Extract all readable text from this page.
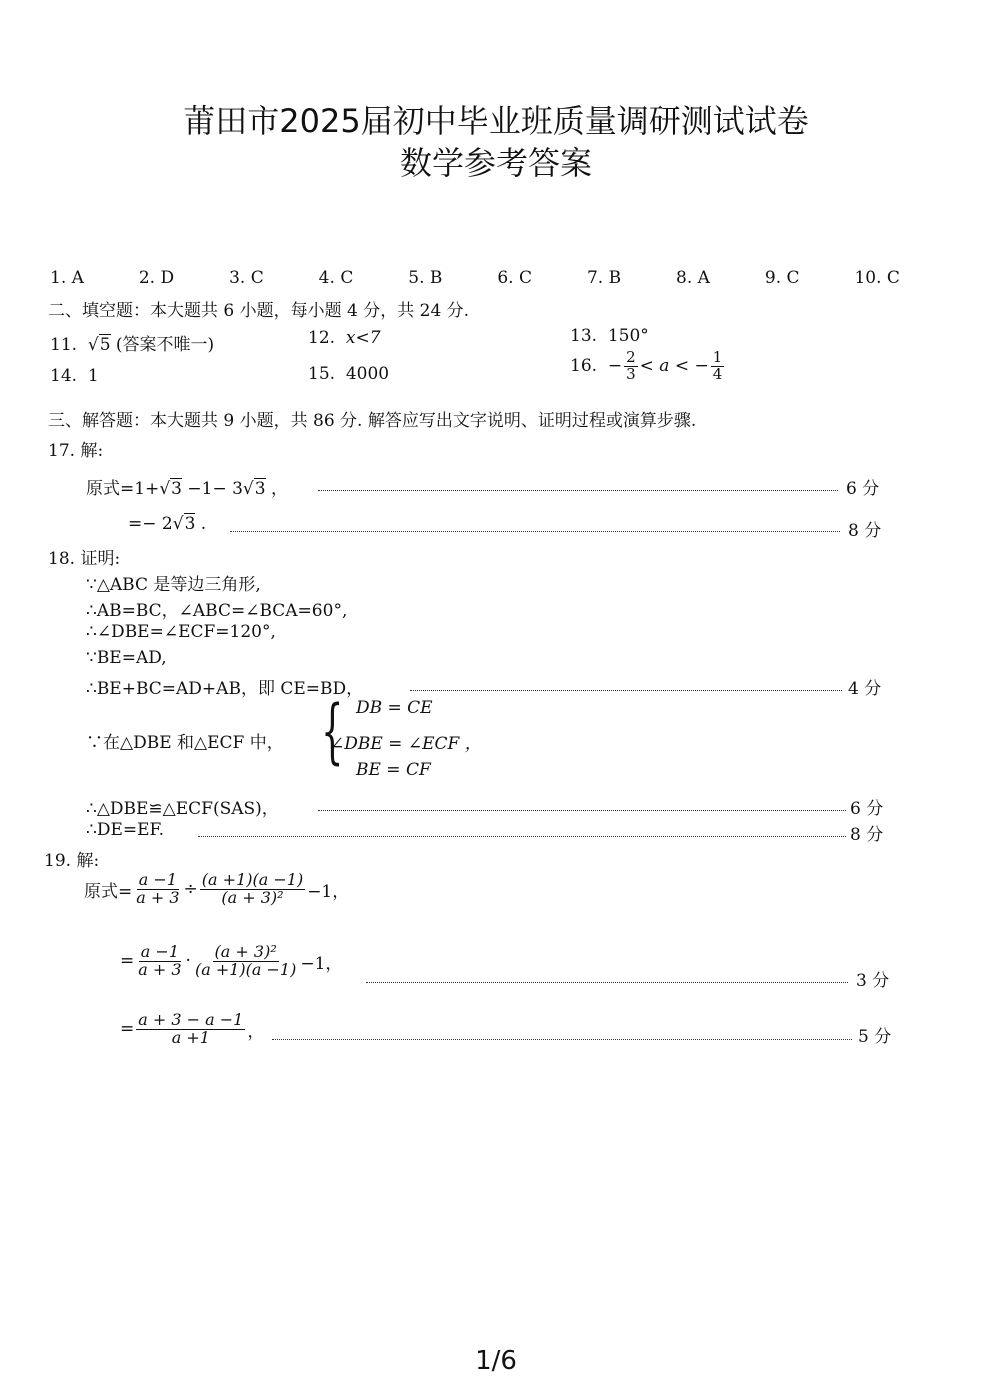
莆田市2025届初中毕业班质量调研测试试卷
数学参考答案
1. A	2. D	3. C	4. C	5. B	6. C	7. B	8. A	9. C	10. C
二、填空题：本大题共 6 小题，每小题 4 分，共 24 分.
11.  √5 (答案不唯一)	12. x<7	13. 150°
14. 1	15. 4000	16.
− $\frac{2}{3} < a$ < − $\frac{1}{4}$
三、解答题：本大题共 9 小题，共 86 分. 解答应写出文字说明、证明过程或演算步骤.
17. 解:
原式=1+√3 −1− 3√3 ，	6 分
=− 2√3 .	8 分
18. 证明:
∵△ABC 是等边三角形,
∴AB=BC，∠ABC=∠BCA=60°,
∴∠DBE=∠ECF=120°,
∵BE=AD,
∴BE+BC=AD+AB，即 CE=BD，	4 分
∵在△DBE 和△ECF 中， { DB = CE
∠DBE = ∠ECF ，
BE = CF
∴△DBE≌△ECF(SAS)，	6 分
∴DE=EF.	8 分
19. 解:
原式= $\frac{a -1}{a + 3} \div \frac{(a +1)(a -1)}{\text{(a + 3)²}} -1$，
= $\frac{a -1}{a + 3} \cdot \frac{\text{(a + 3)²}}{(a +1)(a -1)} -1$，
3 分
= $\frac{a + 3 - a -1}{a +1}$ ，	5 分
1/6
